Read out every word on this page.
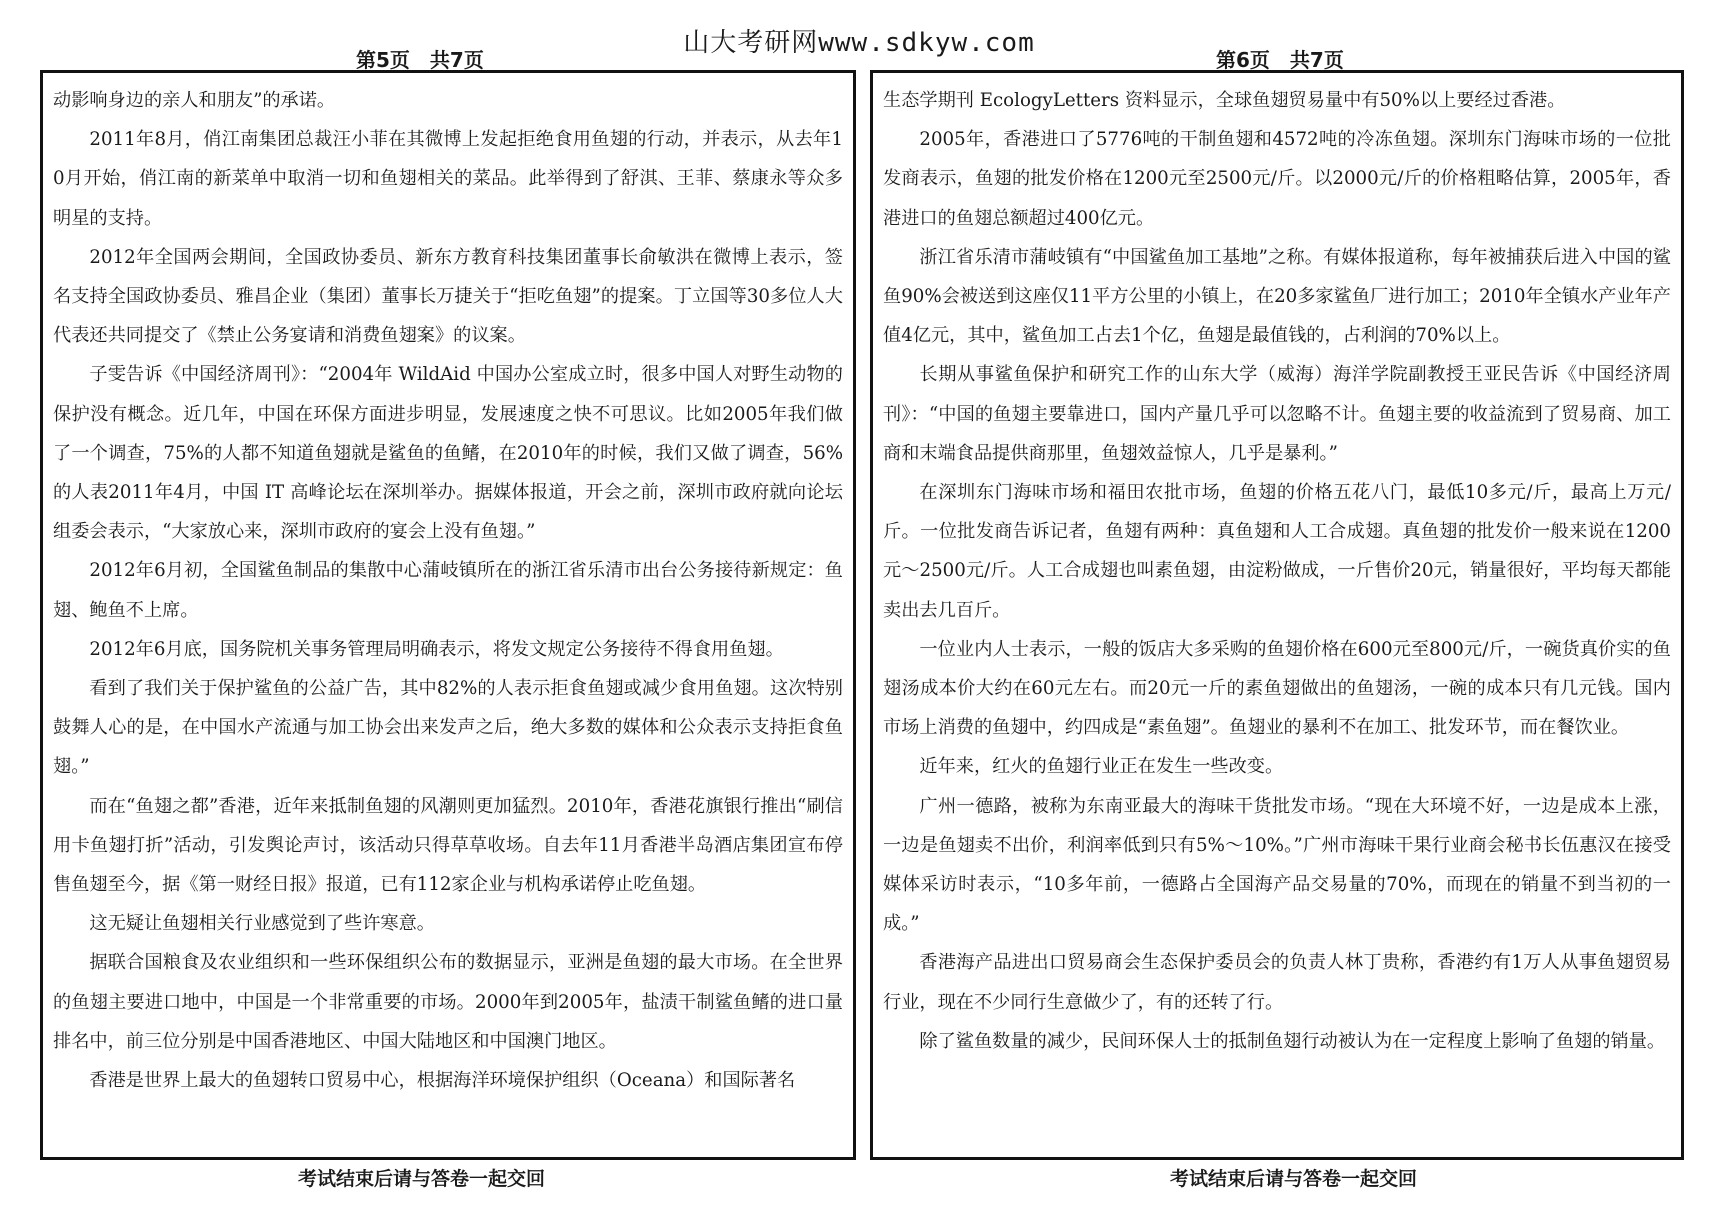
山大考研网www.sdkyw.com
第5页　共7页	第6页　共7页

动影响身边的亲人和朋友”的承诺。

2011年8月，俏江南集团总裁汪小菲在其微博上发起拒绝食用鱼翅的行动，并表示，从去年10月开始，俏江南的新菜单中取消一切和鱼翅相关的菜品。此举得到了舒淇、王菲、蔡康永等众多明星的支持。

2012年全国两会期间，全国政协委员、新东方教育科技集团董事长俞敏洪在微博上表示，签名支持全国政协委员、雅昌企业（集团）董事长万捷关于“拒吃鱼翅”的提案。丁立国等30多位人大代表还共同提交了《禁止公务宴请和消费鱼翅案》的议案。

子雯告诉《中国经济周刊》：“2004年 WildAid 中国办公室成立时，很多中国人对野生动物的保护没有概念。近几年，中国在环保方面进步明显，发展速度之快不可思议。比如2005年我们做了一个调查，75%的人都不知道鱼翅就是鲨鱼的鱼鳍，在2010年的时候，我们又做了调查，56%的人表2011年4月，中国 IT 高峰论坛在深圳举办。据媒体报道，开会之前，深圳市政府就向论坛组委会表示，“大家放心来，深圳市政府的宴会上没有鱼翅。”

2012年6月初，全国鲨鱼制品的集散中心蒲岐镇所在的浙江省乐清市出台公务接待新规定：鱼翅、鲍鱼不上席。

2012年6月底，国务院机关事务管理局明确表示，将发文规定公务接待不得食用鱼翅。

看到了我们关于保护鲨鱼的公益广告，其中82%的人表示拒食鱼翅或减少食用鱼翅。这次特别鼓舞人心的是，在中国水产流通与加工协会出来发声之后，绝大多数的媒体和公众表示支持拒食鱼翅。”

而在“鱼翅之都”香港，近年来抵制鱼翅的风潮则更加猛烈。2010年，香港花旗银行推出“刷信用卡鱼翅打折”活动，引发舆论声讨，该活动只得草草收场。自去年11月香港半岛酒店集团宣布停售鱼翅至今，据《第一财经日报》报道，已有112家企业与机构承诺停止吃鱼翅。

这无疑让鱼翅相关行业感觉到了些许寒意。

据联合国粮食及农业组织和一些环保组织公布的数据显示，亚洲是鱼翅的最大市场。在全世界的鱼翅主要进口地中，中国是一个非常重要的市场。2000年到2005年，盐渍干制鲨鱼鳍的进口量排名中，前三位分别是中国香港地区、中国大陆地区和中国澳门地区。

香港是世界上最大的鱼翅转口贸易中心，根据海洋环境保护组织（Oceana）和国际著名

生态学期刊 EcologyLetters 资料显示，全球鱼翅贸易量中有50%以上要经过香港。

2005年，香港进口了5776吨的干制鱼翅和4572吨的冷冻鱼翅。深圳东门海味市场的一位批发商表示，鱼翅的批发价格在1200元至2500元/斤。以2000元/斤的价格粗略估算，2005年，香港进口的鱼翅总额超过400亿元。

浙江省乐清市蒲岐镇有“中国鲨鱼加工基地”之称。有媒体报道称，每年被捕获后进入中国的鲨鱼90%会被送到这座仅11平方公里的小镇上，在20多家鲨鱼厂进行加工；2010年全镇水产业年产值4亿元，其中，鲨鱼加工占去1个亿，鱼翅是最值钱的，占利润的70%以上。

长期从事鲨鱼保护和研究工作的山东大学（威海）海洋学院副教授王亚民告诉《中国经济周刊》：“中国的鱼翅主要靠进口，国内产量几乎可以忽略不计。鱼翅主要的收益流到了贸易商、加工商和末端食品提供商那里，鱼翅效益惊人，几乎是暴利。”

在深圳东门海味市场和福田农批市场，鱼翅的价格五花八门，最低10多元/斤，最高上万元/斤。一位批发商告诉记者，鱼翅有两种：真鱼翅和人工合成翅。真鱼翅的批发价一般来说在1200元～2500元/斤。人工合成翅也叫素鱼翅，由淀粉做成，一斤售价20元，销量很好，平均每天都能卖出去几百斤。

一位业内人士表示，一般的饭店大多采购的鱼翅价格在600元至800元/斤，一碗货真价实的鱼翅汤成本价大约在60元左右。而20元一斤的素鱼翅做出的鱼翅汤，一碗的成本只有几元钱。国内市场上消费的鱼翅中，约四成是“素鱼翅”。鱼翅业的暴利不在加工、批发环节，而在餐饮业。

近年来，红火的鱼翅行业正在发生一些改变。

广州一德路，被称为东南亚最大的海味干货批发市场。“现在大环境不好，一边是成本上涨，一边是鱼翅卖不出价，利润率低到只有5%～10%。”广州市海味干果行业商会秘书长伍惠汉在接受媒体采访时表示，“10多年前，一德路占全国海产品交易量的70%，而现在的销量不到当初的一成。”

香港海产品进出口贸易商会生态保护委员会的负责人林丁贵称，香港约有1万人从事鱼翅贸易行业，现在不少同行生意做少了，有的还转了行。

除了鲨鱼数量的减少，民间环保人士的抵制鱼翅行动被认为在一定程度上影响了鱼翅的销量。

考试结束后请与答卷一起交回	考试结束后请与答卷一起交回
